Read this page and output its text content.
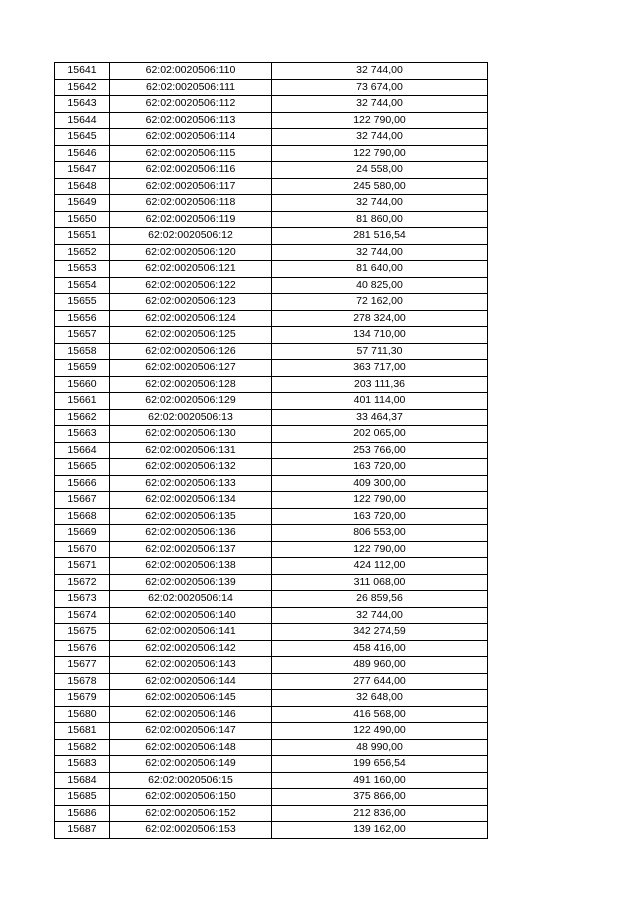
15641	62:02:0020506:110	32 744,00
15642	62:02:0020506:111	73 674,00
15643	62:02:0020506:112	32 744,00
15644	62:02:0020506:113	122 790,00
15645	62:02:0020506:114	32 744,00
15646	62:02:0020506:115	122 790,00
15647	62:02:0020506:116	24 558,00
15648	62:02:0020506:117	245 580,00
15649	62:02:0020506:118	32 744,00
15650	62:02:0020506:119	81 860,00
15651	62:02:0020506:12	281 516,54
15652	62:02:0020506:120	32 744,00
15653	62:02:0020506:121	81 640,00
15654	62:02:0020506:122	40 825,00
15655	62:02:0020506:123	72 162,00
15656	62:02:0020506:124	278 324,00
15657	62:02:0020506:125	134 710,00
15658	62:02:0020506:126	57 711,30
15659	62:02:0020506:127	363 717,00
15660	62:02:0020506:128	203 111,36
15661	62:02:0020506:129	401 114,00
15662	62:02:0020506:13	33 464,37
15663	62:02:0020506:130	202 065,00
15664	62:02:0020506:131	253 766,00
15665	62:02:0020506:132	163 720,00
15666	62:02:0020506:133	409 300,00
15667	62:02:0020506:134	122 790,00
15668	62:02:0020506:135	163 720,00
15669	62:02:0020506:136	806 553,00
15670	62:02:0020506:137	122 790,00
15671	62:02:0020506:138	424 112,00
15672	62:02:0020506:139	311 068,00
15673	62:02:0020506:14	26 859,56
15674	62:02:0020506:140	32 744,00
15675	62:02:0020506:141	342 274,59
15676	62:02:0020506:142	458 416,00
15677	62:02:0020506:143	489 960,00
15678	62:02:0020506:144	277 644,00
15679	62:02:0020506:145	32 648,00
15680	62:02:0020506:146	416 568,00
15681	62:02:0020506:147	122 490,00
15682	62:02:0020506:148	48 990,00
15683	62:02:0020506:149	199 656,54
15684	62:02:0020506:15	491 160,00
15685	62:02:0020506:150	375 866,00
15686	62:02:0020506:152	212 836,00
15687	62:02:0020506:153	139 162,00
